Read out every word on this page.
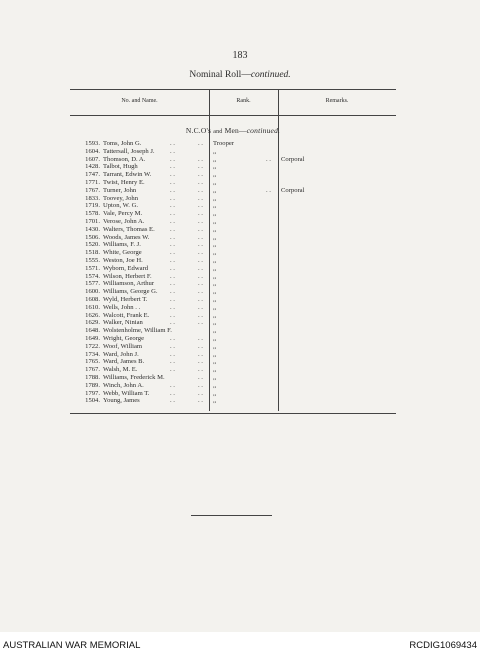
183
Nominal Roll—continued.
No. and Name.	Rank.	Remarks.
N.C.O's and Men—continued.
1593. Toms, John G.	. .	. . Trooper
1604. Tattersall, Joseph J. . .	,,
1607. Thomson, D. A.	. .	. . ,,	. . Corporal
1428. Talbot, Hugh	. .	. . ,,
1747. Tarrant, Edwin W.	. .	. . ,,
1771. Twist, Henry E.	. .	. . ,,
1767. Turner, John	. .	. . ,,	. . Corporal
1833. Toovey, John	. .	. . ,,
1719. Upton, W. G.	. .	. . ,,
1578. Vale, Percy M.	. .	. . ,,
1701. Verose, John A.	. .	. . ,,
1430. Walters, Thomas E. . .	. . ,,
1506. Woods, James W.	. .	. . ,,
1520. Williams, F. J.	. .	. . ,,
1518. White, George	. .	. . ,,
1555. Weston, Joe H.	. .	. . ,,
1571. Wyborn, Edward	. .	. . ,,
1574. Wilson, Herbert F.	. .	. . ,,
1577. Williamson, Arthur . .	. . ,,
1600. Williams, George G. . .	. . ,,
1608. Wyld, Herbert T.	. .	. . ,,
1610. Wells, John . .	. .	. . ,,
1626. Walcott, Frank E.	. .	. . ,,
1629. Walker, Ninian	. .	. . ,,
1648. Wolstenholme, William F.	,,
1649. Wright, George	. .	. . ,,
1722. Woof, William	. .	. . ,,
1734. Ward, John J.	. .	. . ,,
1765. Ward, James B.	. .	. . ,,
1767. Walsh, M. E.	. .	. . ,,
1788. Williams, Frederick M.	. . ,,
1789. Winch, John A.	. .	. . ,,
1797. Webb, William T.	. .	. . ,,
1504. Young, James	. .	. . ,,
AUSTRALIAN WAR MEMORIAL	RCDIG1069434
